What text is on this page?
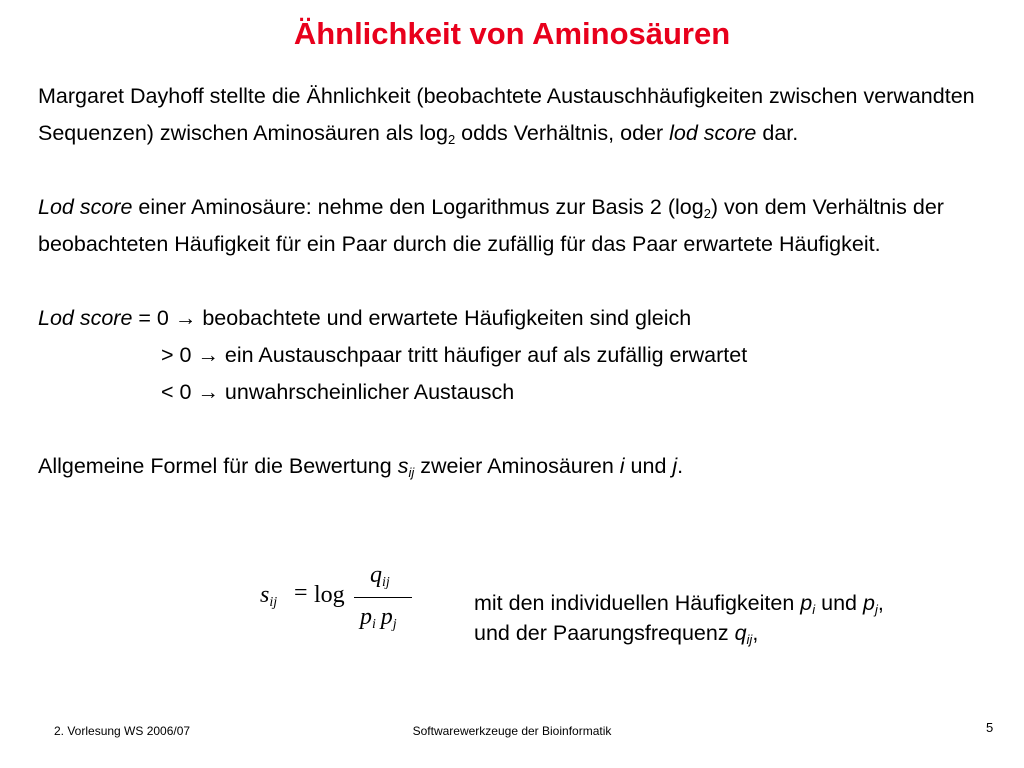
Ähnlichkeit von Aminosäuren

Margaret Dayhoff stellte die Ähnlichkeit (beobachtete Austauschhäufigkeiten zwischen verwandten Sequenzen) zwischen Aminosäuren als $\log_2$ odds Verhältnis, oder lod score dar.

Lod score einer Aminosäure: nehme den Logarithmus zur Basis 2 $(\log_2)$ von dem Verhältnis der beobachteten Häufigkeit für ein Paar durch die zufällig für das Paar erwartete Häufigkeit.

Lod score = 0 → beobachtete und erwartete Häufigkeiten sind gleich

> 0 → ein Austauschpaar tritt häufiger auf als zufällig erwartet

< 0 → unwahrscheinlicher Austausch

Allgemeine Formel für die Bewertung $s_{ij}$ zweier Aminosäuren i und j.

$s_{ij} = \log$
$q_{ij}$
$p_i$  $p_j$
mit den individuellen Häufigkeiten $p_i$ und $p_j$,
und der Paarungsfrequenz $q_{ij}$,
2. Vorlesung WS 2006/07	Softwarewerkzeuge der Bioinformatik	5
